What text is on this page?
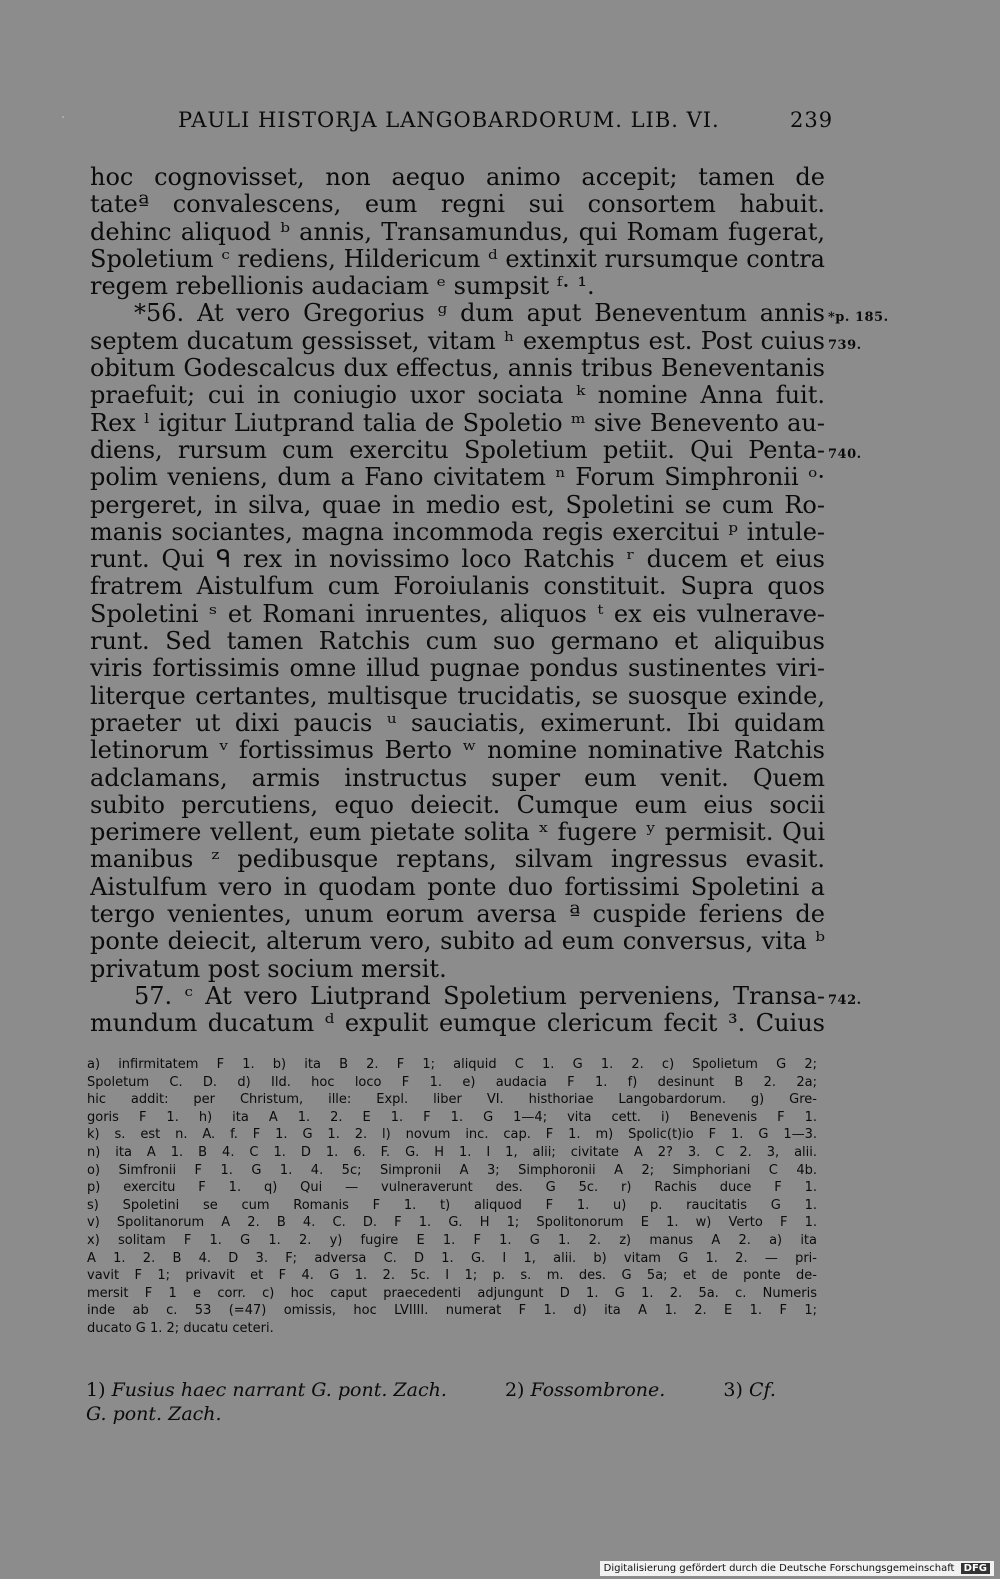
PAULI HISTORJA LANGOBARDORUM. LIB. VI.	239
hoc cognovisset, non aequo animo accepit; tamen de
tateª convalescens, eum regni sui consortem habuit.
dehinc aliquod ᵇ annis, Transamundus, qui Romam fugerat,
Spoletium ᶜ rediens, Hildericum ᵈ extinxit rursumque contra
regem rebellionis audaciam ᵉ sumpsit ᶠ· ¹.
*56. At vero Gregorius ᵍ dum aput Beneventum annis *p. 185.
septem ducatum gessisset, vitam ʰ exemptus est. Post cuius 739.
obitum Godescalcus dux effectus, annis tribus Beneventanis
praefuit; cui in coniugio uxor sociata ᵏ nomine Anna fuit.
Rex ˡ igitur Liutprand talia de Spoletio ᵐ sive Benevento au-
diens, rursum cum exercitu Spoletium petiit. Qui Penta- 740.
polim veniens, dum a Fano civitatem ⁿ Forum Simphronii ᵒ·
pergeret, in silva, quae in medio est, Spoletini se cum Ro-
manis sociantes, magna incommoda regis exercitui ᵖ intule-
runt. Qui ᑫ rex in novissimo loco Ratchis ʳ ducem et eius
fratrem Aistulfum cum Foroiulanis constituit. Supra quos
Spoletini ˢ et Romani inruentes, aliquos ᵗ ex eis vulnerave-
runt. Sed tamen Ratchis cum suo germano et aliquibus
viris fortissimis omne illud pugnae pondus sustinentes viri-
literque certantes, multisque trucidatis, se suosque exinde,
praeter ut dixi paucis ᵘ sauciatis, eximerunt. Ibi quidam
letinorum ᵛ fortissimus Berto ʷ nomine nominative Ratchis
adclamans, armis instructus super eum venit. Quem
subito percutiens, equo deiecit. Cumque eum eius socii
perimere vellent, eum pietate solita ˣ fugere ʸ permisit. Qui
manibus ᶻ pedibusque reptans, silvam ingressus evasit.
Aistulfum vero in quodam ponte duo fortissimi Spoletini a
tergo venientes, unum eorum aversa ª cuspide feriens de
ponte deiecit, alterum vero, subito ad eum conversus, vita ᵇ
privatum post socium mersit.
57. ᶜ At vero Liutprand Spoletium perveniens, Transa- 742.
mundum ducatum ᵈ expulit eumque clericum fecit ³. Cuius
a) infirmitatem F 1. b) ita B 2. F 1; aliquid C 1. G 1. 2. c) Spolietum G 2;
Spoletum C. D. d) Ild. hoc loco F 1. e) audacia F 1. f) desinunt B 2. 2a;
hic addit: per Christum, ille: Expl. liber VI. histhoriae Langobardorum. g) Gre-
goris F 1. h) ita A 1. 2. E 1. F 1. G 1—4; vita cett. i) Benevenis F 1.
k) s. est n. A. f. F 1. G 1. 2. l) novum inc. cap. F 1. m) Spolic(t)io F 1. G 1—3.
n) ita A 1. B 4. C 1. D 1. 6. F. G. H 1. I 1, alii; civitate A 2? 3. C 2. 3, alii.
o) Simfronii F 1. G 1. 4. 5c; Simpronii A 3; Simphoronii A 2; Simphoriani C 4b.
p) exercitu F 1. q) Qui — vulneraverunt des. G 5c. r) Rachis duce F 1.
s) Spoletini se cum Romanis F 1. t) aliquod F 1. u) p. raucitatis G 1.
v) Spolitanorum A 2. B 4. C. D. F 1. G. H 1; Spolitonorum E 1. w) Verto F 1.
x) solitam F 1. G 1. 2. y) fugire E 1. F 1. G 1. 2. z) manus A 2. a) ita
A 1. 2. B 4. D 3. F; adversa C. D 1. G. I 1, alii. b) vitam G 1. 2. — pri-
vavit F 1; privavit et F 4. G 1. 2. 5c. I 1; p. s. m. des. G 5a; et de ponte de-
mersit F 1 e corr. c) hoc caput praecedenti adjungunt D 1. G 1. 2. 5a. c. Numeris
inde ab c. 53 (=47) omissis, hoc LVIIII. numerat F 1. d) ita A 1. 2. E 1. F 1;
ducato G 1. 2; ducatu ceteri.
1) Fusius haec narrant G. pont. Zach.	2) Fossombrone.	3) Cf.
G. pont. Zach.
Digitalisierung gefördert durch die Deutsche Forschungsgemeinschaft DFG
